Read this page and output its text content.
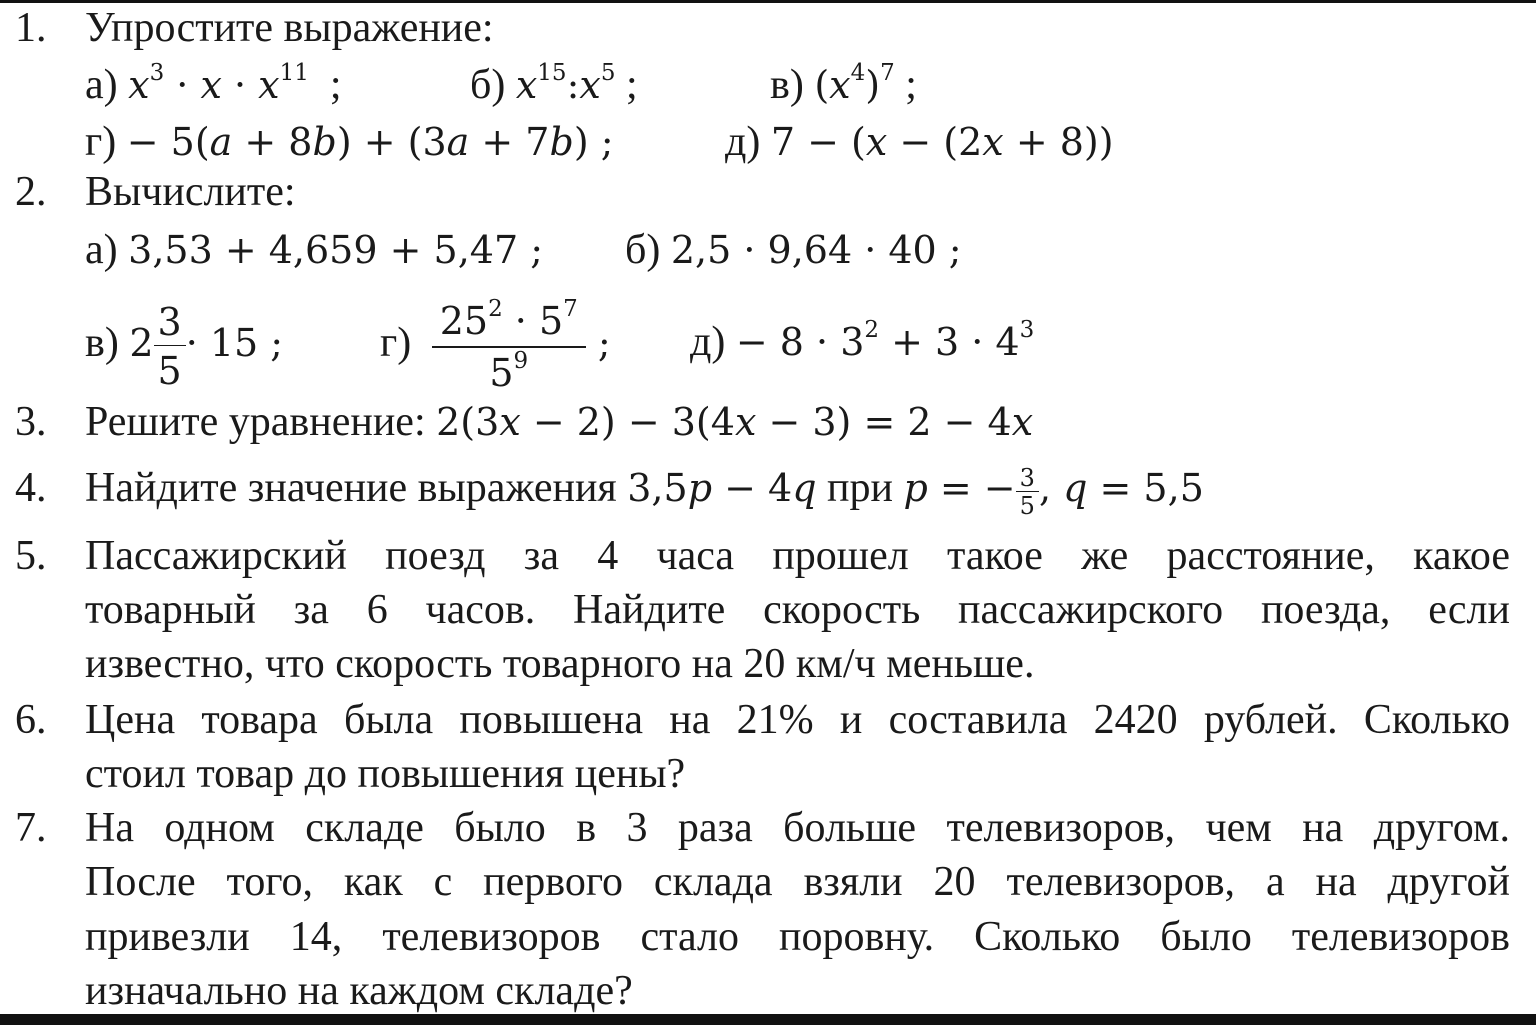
1. Упростите выражение:
а) $x^3 \cdot x \cdot x^{11}$  ;	б) $x^{15}:x^5$ ;	в) $(x^4)^7$ ;
г) − 5(a + 8b) + (3a + 7b) ;	д) 7 − (x − (2x + 8))
2. Вычислите:
а) 3,53 + 4,659 + 5,47 ; б) 2,5 · 9,64 · 40 ;
в) $2 \frac{3}{5} \cdot 15$ ; $г) \frac{25^2 \cdot 5^7}{5^9}$ ; $д) - 8 \cdot 3^2 + 3 \cdot 4^3$
3. Решите уравнение: 2(3x − 2) − 3(4x − 3) = 2 − 4x
4. Найдите значение выражения 3,5p − 4q при p = − $\frac{3}{5}$ , q = 5,5
5. Пассажирский поезд за 4 часа прошел такое же расстояние, какое
товарный за 6 часов. Найдите скорость пассажирского поезда, если
известно, что скорость товарного на 20 км/ч меньше.
6. Цена товара была повышена на 21% и составила 2420 рублей. Сколько
стоил товар до повышения цены?
7. На одном складе было в 3 раза больше телевизоров, чем на другом.
После того, как с первого склада взяли 20 телевизоров, а на другой
привезли 14, телевизоров стало поровну. Сколько было телевизоров
изначально на каждом складе?
